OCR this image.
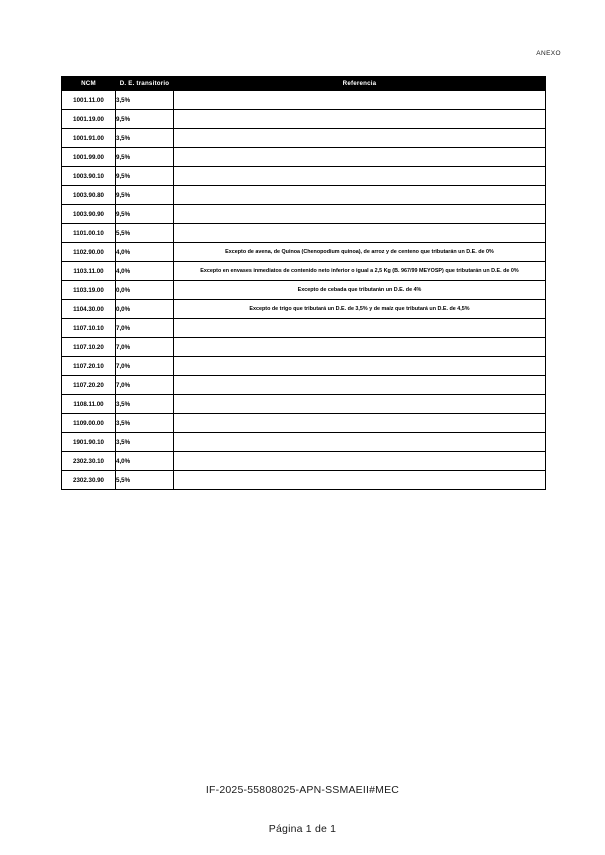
ANEXO
NCM	D. E. transitorio	Referencia
1001.11.00	3,5%	
1001.19.00	9,5%	
1001.91.00	3,5%	
1001.99.00	9,5%	
1003.90.10	9,5%	
1003.90.80	9,5%	
1003.90.90	9,5%	
1101.00.10	5,5%	
1102.90.00	4,0%	Excepto de avena, de Quinoa (Chenopodium quinoa), de arroz y de centeno que tributarán un D.E. de 0%
1103.11.00	4,0%	Excepto en envases inmediatos de contenido neto inferior o igual a 2,5 Kg (B. 967/99 MEYOSP) que tributarán un D.E. de 0%
1103.19.00	0,0%	Excepto de cebada que tributarán un D.E. de 4%
1104.30.00	0,0%	Excepto de trigo que tributará un D.E. de 3,5% y de maíz que tributará un D.E. de 4,5%
1107.10.10	7,0%	
1107.10.20	7,0%	
1107.20.10	7,0%	
1107.20.20	7,0%	
1108.11.00	3,5%	
1109.00.00	3,5%	
1901.90.10	3,5%	
2302.30.10	4,0%	
2302.30.90	5,5%	
IF-2025-55808025-APN-SSMAEII#MEC
Página 1 de 1
